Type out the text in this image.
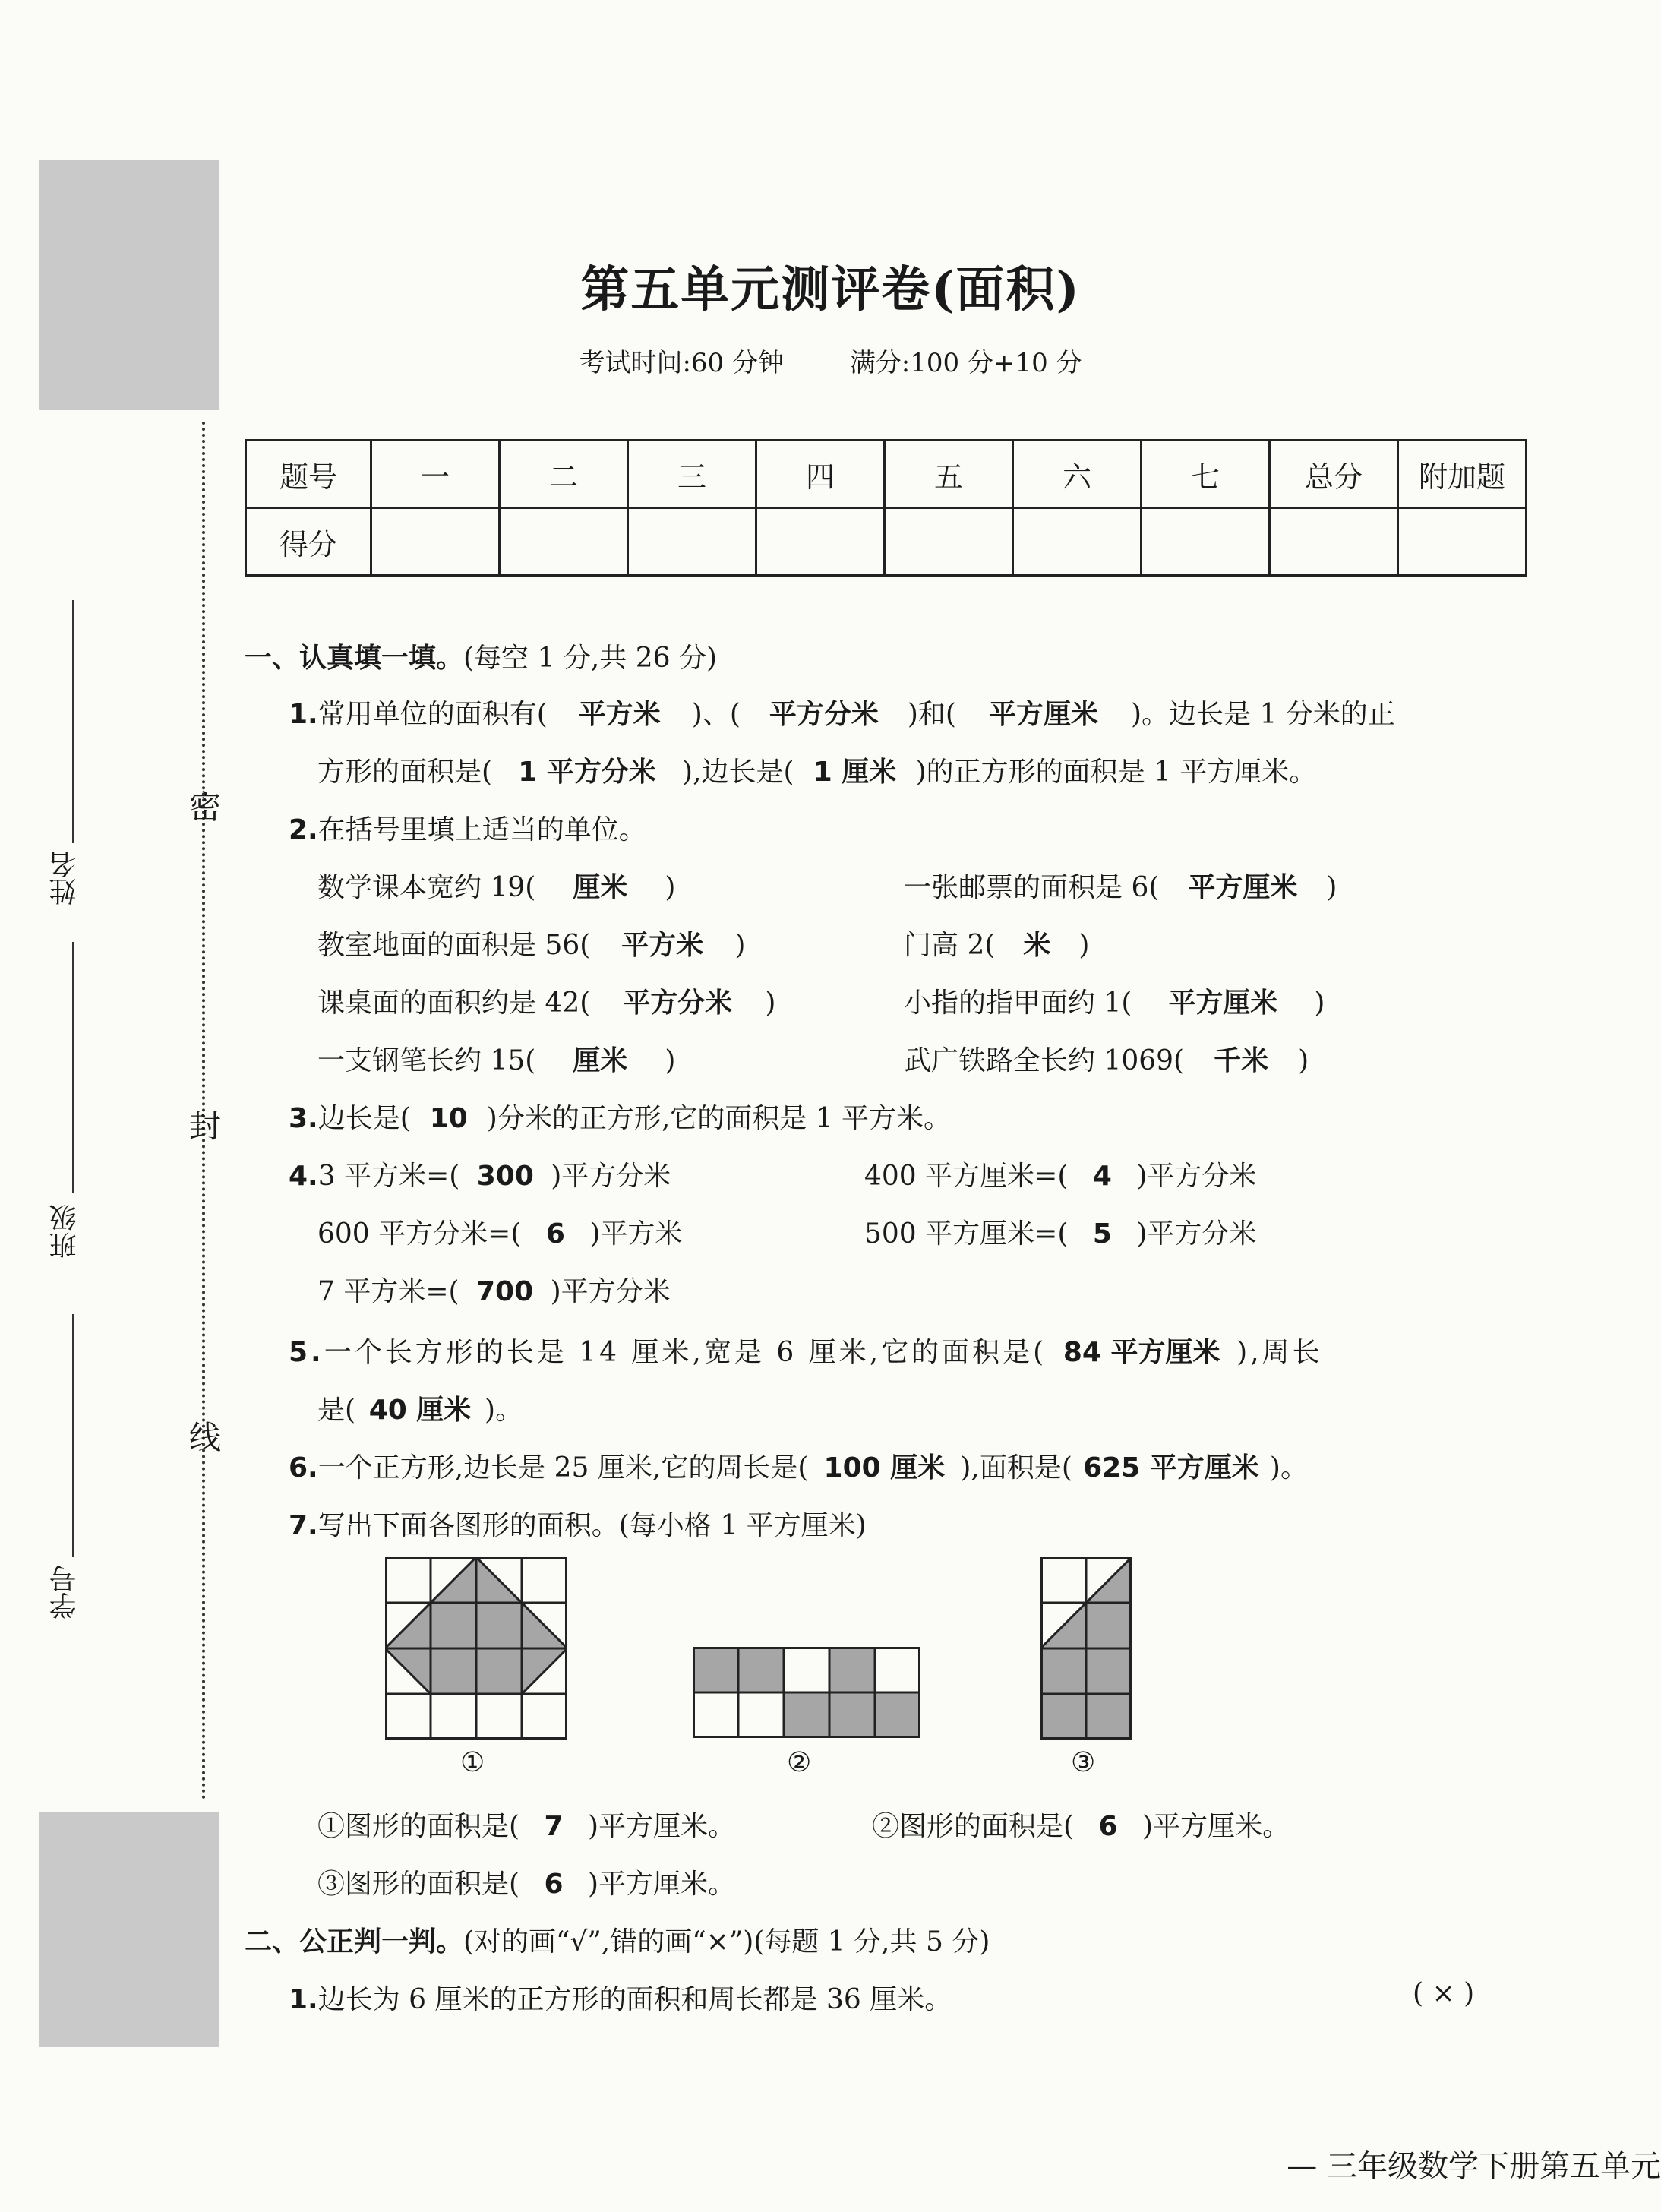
密
封
线
姓名
班级
学号
第五单元测评卷(面积)
考试时间:60 分钟	满分:100 分+10 分
题号	一	二	三	四	五	六	七	总分	附加题
得分									
一、认真填一填。(每空 1 分,共 26 分)
1.常用单位的面积有( 平方米 )、( 平方分米 )和( 平方厘米 )。边长是 1 分米的正
方形的面积是( 1 平方分米 ),边长是( 1 厘米 )的正方形的面积是 1 平方厘米。
2.在括号里填上适当的单位。
数学课本宽约 19( 厘米 )	一张邮票的面积是 6( 平方厘米 )
教室地面的面积是 56( 平方米 )	门高 2( 米 )
课桌面的面积约是 42( 平方分米 )	小指的指甲面约 1( 平方厘米 )
一支钢笔长约 15( 厘米 )	武广铁路全长约 1069( 千米 )
3.边长是( 10 )分米的正方形,它的面积是 1 平方米。
4.3 平方米=( 300 )平方分米	400 平方厘米=( 4 )平方分米
600 平方分米=( 6 )平方米	500 平方厘米=( 5 )平方分米
7 平方米=( 700 )平方分米
5.一个长方形的长是 14 厘米,宽是 6 厘米,它的面积是( 84 平方厘米 ),周长
是( 40 厘米 )。
6.一个正方形,边长是 25 厘米,它的周长是( 100 厘米 ),面积是( 625 平方厘米 )。
7.写出下面各图形的面积。(每小格 1 平方厘米)
①	②	③
①图形的面积是( 7 )平方厘米。	②图形的面积是( 6 )平方厘米。
③图形的面积是( 6 )平方厘米。
二、公正判一判。(对的画“√”,错的画“×”)(每题 1 分,共 5 分)
1.边长为 6 厘米的正方形的面积和周长都是 36 厘米。	( × )
— 三年级数学下册第五单元
